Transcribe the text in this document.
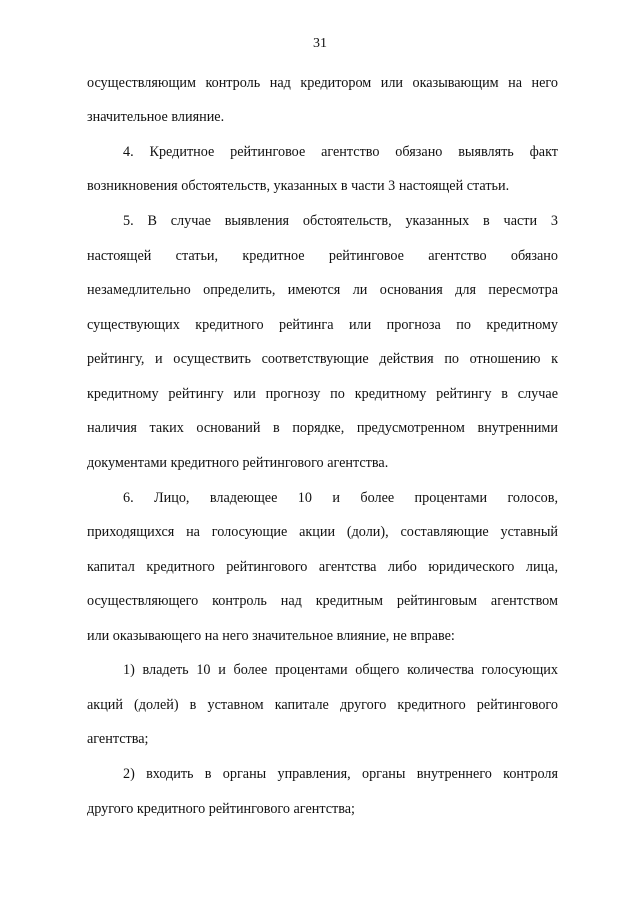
31
осуществляющим контроль над кредитором или оказывающим на него
значительное влияние.
4. Кредитное рейтинговое агентство обязано выявлять факт
возникновения обстоятельств, указанных в части 3 настоящей статьи.
5. В случае выявления обстоятельств, указанных в части 3
настоящей статьи, кредитное рейтинговое агентство обязано
незамедлительно определить, имеются ли основания для пересмотра
существующих кредитного рейтинга или прогноза по кредитному
рейтингу, и осуществить соответствующие действия по отношению к
кредитному рейтингу или прогнозу по кредитному рейтингу в случае
наличия таких оснований в порядке, предусмотренном внутренними
документами кредитного рейтингового агентства.
6. Лицо, владеющее 10 и более процентами голосов,
приходящихся на голосующие акции (доли), составляющие уставный
капитал кредитного рейтингового агентства либо юридического лица,
осуществляющего контроль над кредитным рейтинговым агентством
или оказывающего на него значительное влияние, не вправе:
1) владеть 10 и более процентами общего количества голосующих
акций (долей) в уставном капитале другого кредитного рейтингового
агентства;
2) входить в органы управления, органы внутреннего контроля
другого кредитного рейтингового агентства;
